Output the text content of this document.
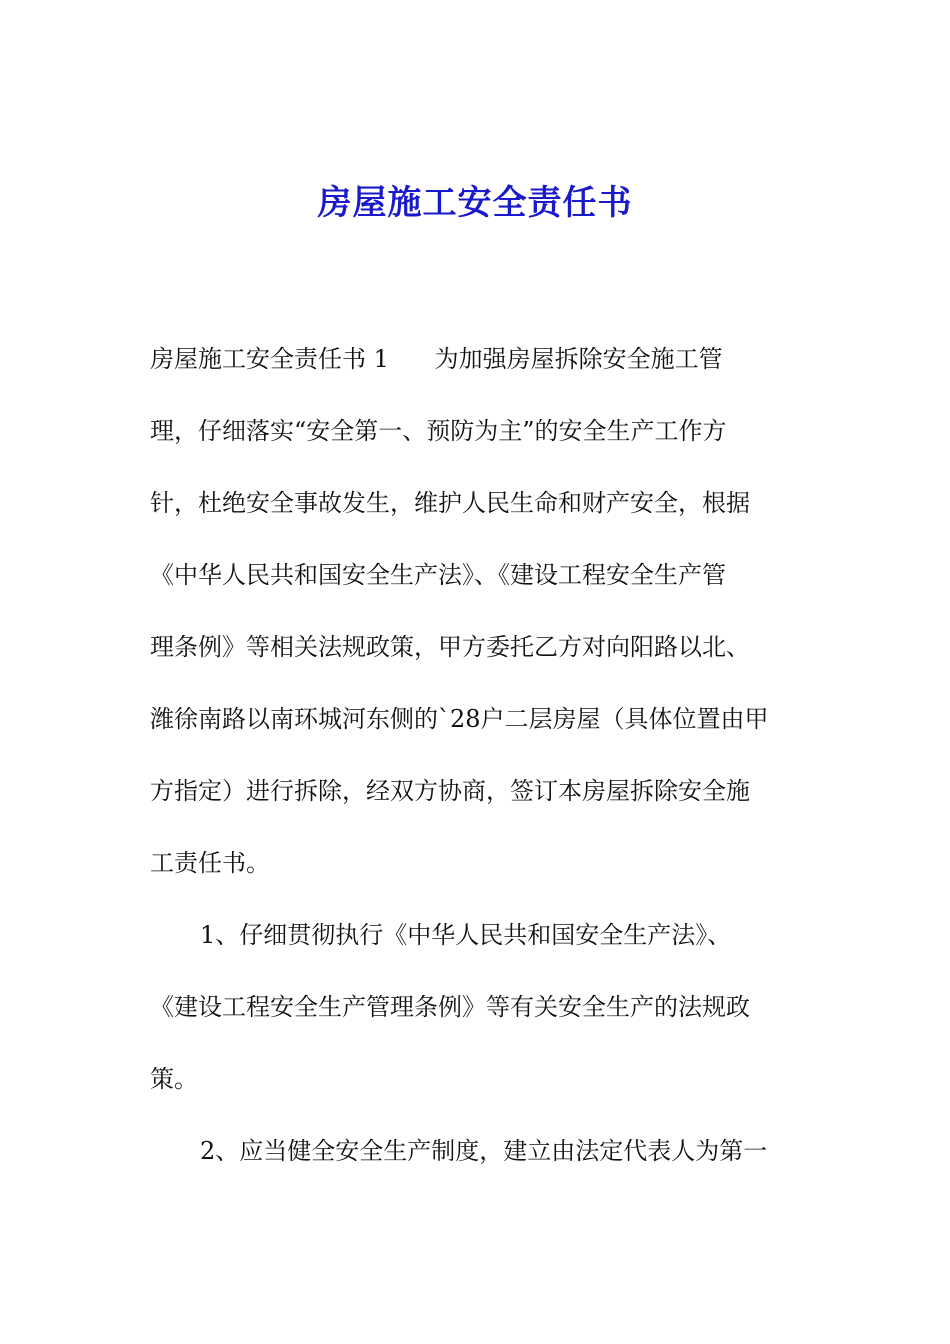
房屋施工安全责任书
房屋施工安全责任书 1      为加强房屋拆除安全施工管
理，仔细落实“安全第一、预防为主”的安全生产工作方
针，杜绝安全事故发生，维护人民生命和财产安全，根据
《中华人民共和国安全生产法》、《建设工程安全生产管
理条例》等相关法规政策，甲方委托乙方对向阳路以北、
潍徐南路以南环城河东侧的`28户二层房屋（具体位置由甲
方指定）进行拆除，经双方协商，签订本房屋拆除安全施
工责任书。
1、仔细贯彻执行《中华人民共和国安全生产法》、
《建设工程安全生产管理条例》等有关安全生产的法规政
策。
2、应当健全安全生产制度，建立由法定代表人为第一
